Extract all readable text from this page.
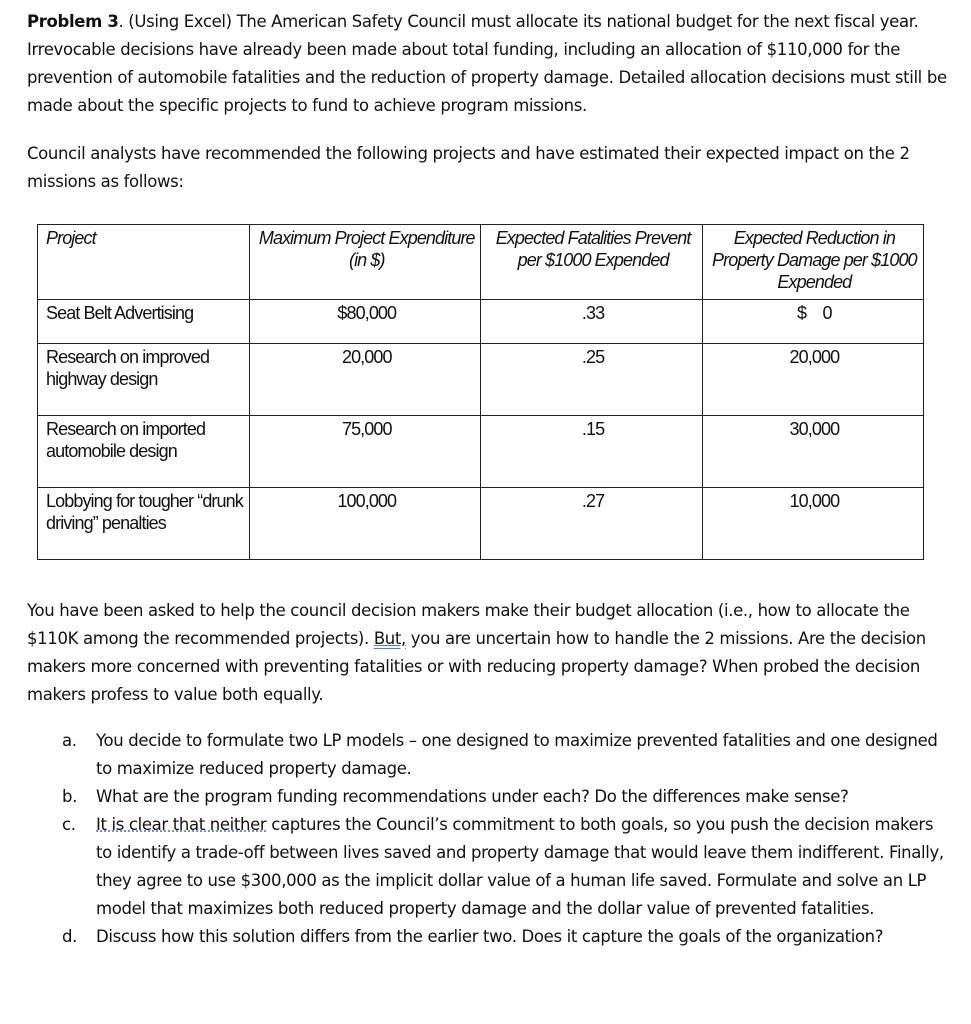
Problem 3. (Using Excel) The American Safety Council must allocate its national budget for the next fiscal year. Irrevocable decisions have already been made about total funding, including an allocation of $110,000 for the prevention of automobile fatalities and the reduction of property damage. Detailed allocation decisions must still be made about the specific projects to fund to achieve program missions.
Council analysts have recommended the following projects and have estimated their expected impact on the 2 missions as follows:
Project	Maximum Project Expenditure (in $)	Expected Fatalities Prevent per $1000 Expended	Expected Reduction in Property Damage per $1000 Expended
Seat Belt Advertising	$80,000	.33	$    0
Research on improved highway design	20,000	.25	20,000
Research on imported automobile design	75,000	.15	30,000
Lobbying for tougher “drunk driving” penalties	100,000	.27	10,000
You have been asked to help the council decision makers make their budget allocation (i.e., how to allocate the $110K among the recommended projects). But, you are uncertain how to handle the 2 missions. Are the decision makers more concerned with preventing fatalities or with reducing property damage? When probed the decision makers profess to value both equally.
a. You decide to formulate two LP models – one designed to maximize prevented fatalities and one designed to maximize reduced property damage.
b. What are the program funding recommendations under each? Do the differences make sense?
c. It is clear that neither captures the Council’s commitment to both goals, so you push the decision makers to identify a trade-off between lives saved and property damage that would leave them indifferent. Finally, they agree to use $300,000 as the implicit dollar value of a human life saved. Formulate and solve an LP model that maximizes both reduced property damage and the dollar value of prevented fatalities.
d. Discuss how this solution differs from the earlier two. Does it capture the goals of the organization?
